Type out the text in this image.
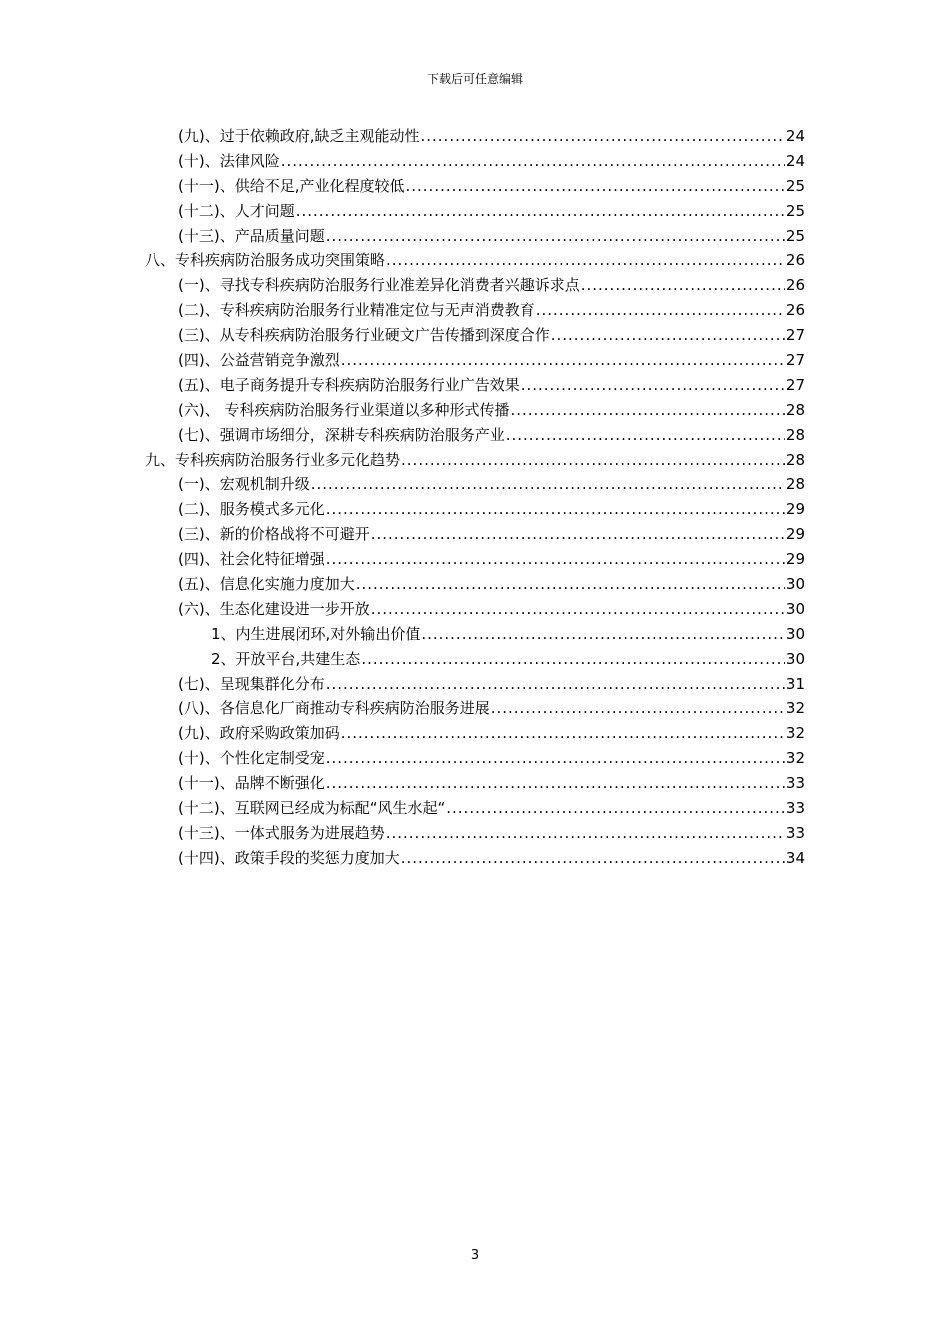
下载后可任意编辑
(九)、过于依赖政府,缺乏主观能动性 .....	24
(十)、法律风险 .....	24
(十一)、供给不足,产业化程度较低 .....	25
(十二)、人才问题 .....	25
(十三)、产品质量问题 .....	25
八、专科疾病防治服务成功突围策略 .....	26
(一)、寻找专科疾病防治服务行业准差异化消费者兴趣诉求点 .....	26
(二)、专科疾病防治服务行业精准定位与无声消费教育 .....	26
(三)、从专科疾病防治服务行业硬文广告传播到深度合作 .....	27
(四)、公益营销竞争激烈 .....	27
(五)、电子商务提升专科疾病防治服务行业广告效果 .....	27
(六)、 专科疾病防治服务行业渠道以多种形式传播 .....	28
(七)、强调市场细分，深耕专科疾病防治服务产业 .....	28
九、专科疾病防治服务行业多元化趋势 .....	28
(一)、宏观机制升级 .....	28
(二)、服务模式多元化 .....	29
(三)、新的价格战将不可避开 .....	29
(四)、社会化特征增强 .....	29
(五)、信息化实施力度加大 .....	30
(六)、生态化建设进一步开放 .....	30
1、内生进展闭环,对外输出价值 .....	30
2、开放平台,共建生态 .....	30
(七)、呈现集群化分布 .....	31
(八)、各信息化厂商推动专科疾病防治服务进展 .....	32
(九)、政府采购政策加码 .....	32
(十)、个性化定制受宠 .....	32
(十一)、品牌不断强化 .....	33
(十二)、互联网已经成为标配“风生水起“ .....	33
(十三)、一体式服务为进展趋势 .....	33
(十四)、政策手段的奖惩力度加大 .....	34
3
